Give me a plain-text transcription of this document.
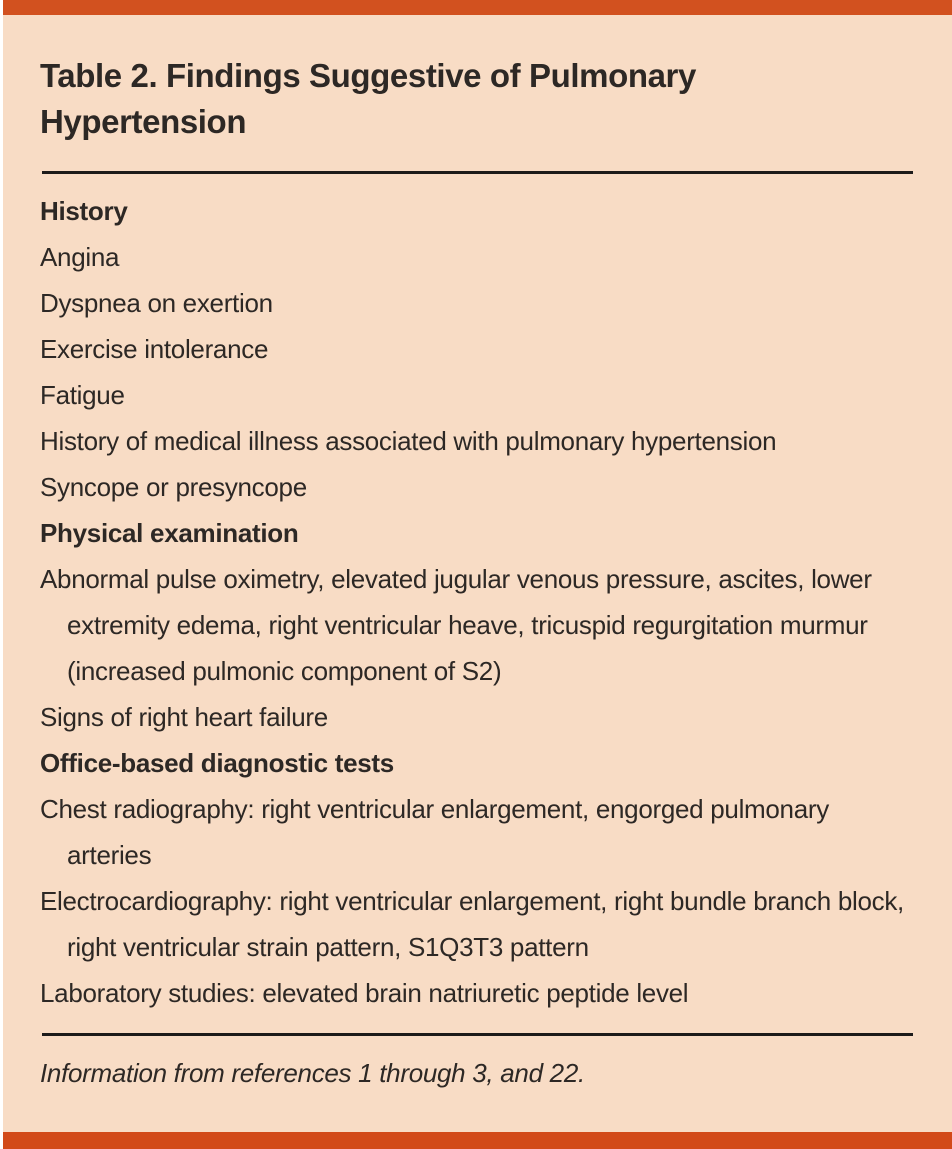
Table 2. Findings Suggestive of Pulmonary Hypertension
History

Angina

Dyspnea on exertion

Exercise intolerance

Fatigue

History of medical illness associated with pulmonary hypertension

Syncope or presyncope

Physical examination

Abnormal pulse oximetry, elevated jugular venous pressure, ascites, lower extremity edema, right ventricular heave, tricuspid regurgitation murmur (increased pulmonic component of S2)

Signs of right heart failure

Office-based diagnostic tests

Chest radiography: right ventricular enlargement, engorged pulmonary arteries

Electrocardiography: right ventricular enlargement, right bundle branch block, right ventricular strain pattern, S1Q3T3 pattern

Laboratory studies: elevated brain natriuretic peptide level

Information from references 1 through 3, and 22.
